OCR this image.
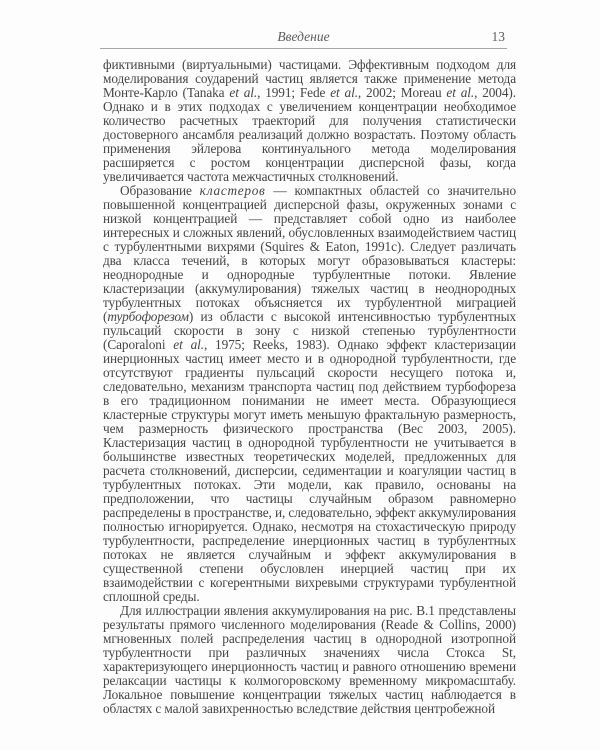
Введение	13

фиктивными (виртуальными) частицами. Эффективным подходом для моделирования соударений частиц является также применение метода Монте-Карло (Tanaka et al., 1991; Fede et al., 2002; Moreau et al., 2004). Однако и в этих подходах с увеличением концентрации необходимое количество расчетных траекторий для получения статистически достоверного ансамбля реализаций должно возрастать. Поэтому область применения эйлерова континуального метода моделирования расширяется с ростом концентрации дисперсной фазы, когда увеличивается частота межчастичных столкновений.

Образование кластеров — компактных областей со значительно повышенной концентрацией дисперсной фазы, окруженных зонами с низкой концентрацией — представляет собой одно из наиболее интересных и сложных явлений, обусловленных взаимодействием частиц с турбулентными вихрями (Squires & Eaton, 1991c). Следует различать два класса течений, в которых могут образовываться кластеры: неоднородные и однородные турбулентные потоки. Явление кластеризации (аккумулирования) тяжелых частиц в неоднородных турбулентных потоках объясняется их турбулентной миграцией (турбофорезом) из области с высокой интенсивностью турбулентных пульсаций скорости в зону с низкой степенью турбулентности (Caporaloni et al., 1975; Reeks, 1983). Однако эффект кластеризации инерционных частиц имеет место и в однородной турбулентности, где отсутствуют градиенты пульсаций скорости несущего потока и, следовательно, механизм транспорта частиц под действием турбофореза в его традиционном понимании не имеет места. Образующиеся кластерные структуры могут иметь меньшую фрактальную размерность, чем размерность физического пространства (Bec 2003, 2005). Кластеризация частиц в однородной турбулентности не учитывается в большинстве известных теоретических моделей, предложенных для расчета столкновений, дисперсии, седиментации и коагуляции частиц в турбулентных потоках. Эти модели, как правило, основаны на предположении, что частицы случайным образом равномерно распределены в пространстве, и, следовательно, эффект аккумулирования полностью игнорируется. Однако, несмотря на стохастическую природу турбулентности, распределение инерционных частиц в турбулентных потоках не является случайным и эффект аккумулирования в существенной степени обусловлен инерцией частиц при их взаимодействии с когерентными вихревыми структурами турбулентной сплошной среды.

Для иллюстрации явления аккумулирования на рис. В.1 представлены результаты прямого численного моделирования (Reade & Collins, 2000) мгновенных полей распределения частиц в однородной изотропной турбулентности при различных значениях числа Стокса St, характеризующего инерционность частиц и равного отношению времени релаксации частицы к колмогоровскому временному микромасштабу. Локальное повышение концентрации тяжелых частиц наблюдается в областях с малой завихренностью вследствие действия центробежной
